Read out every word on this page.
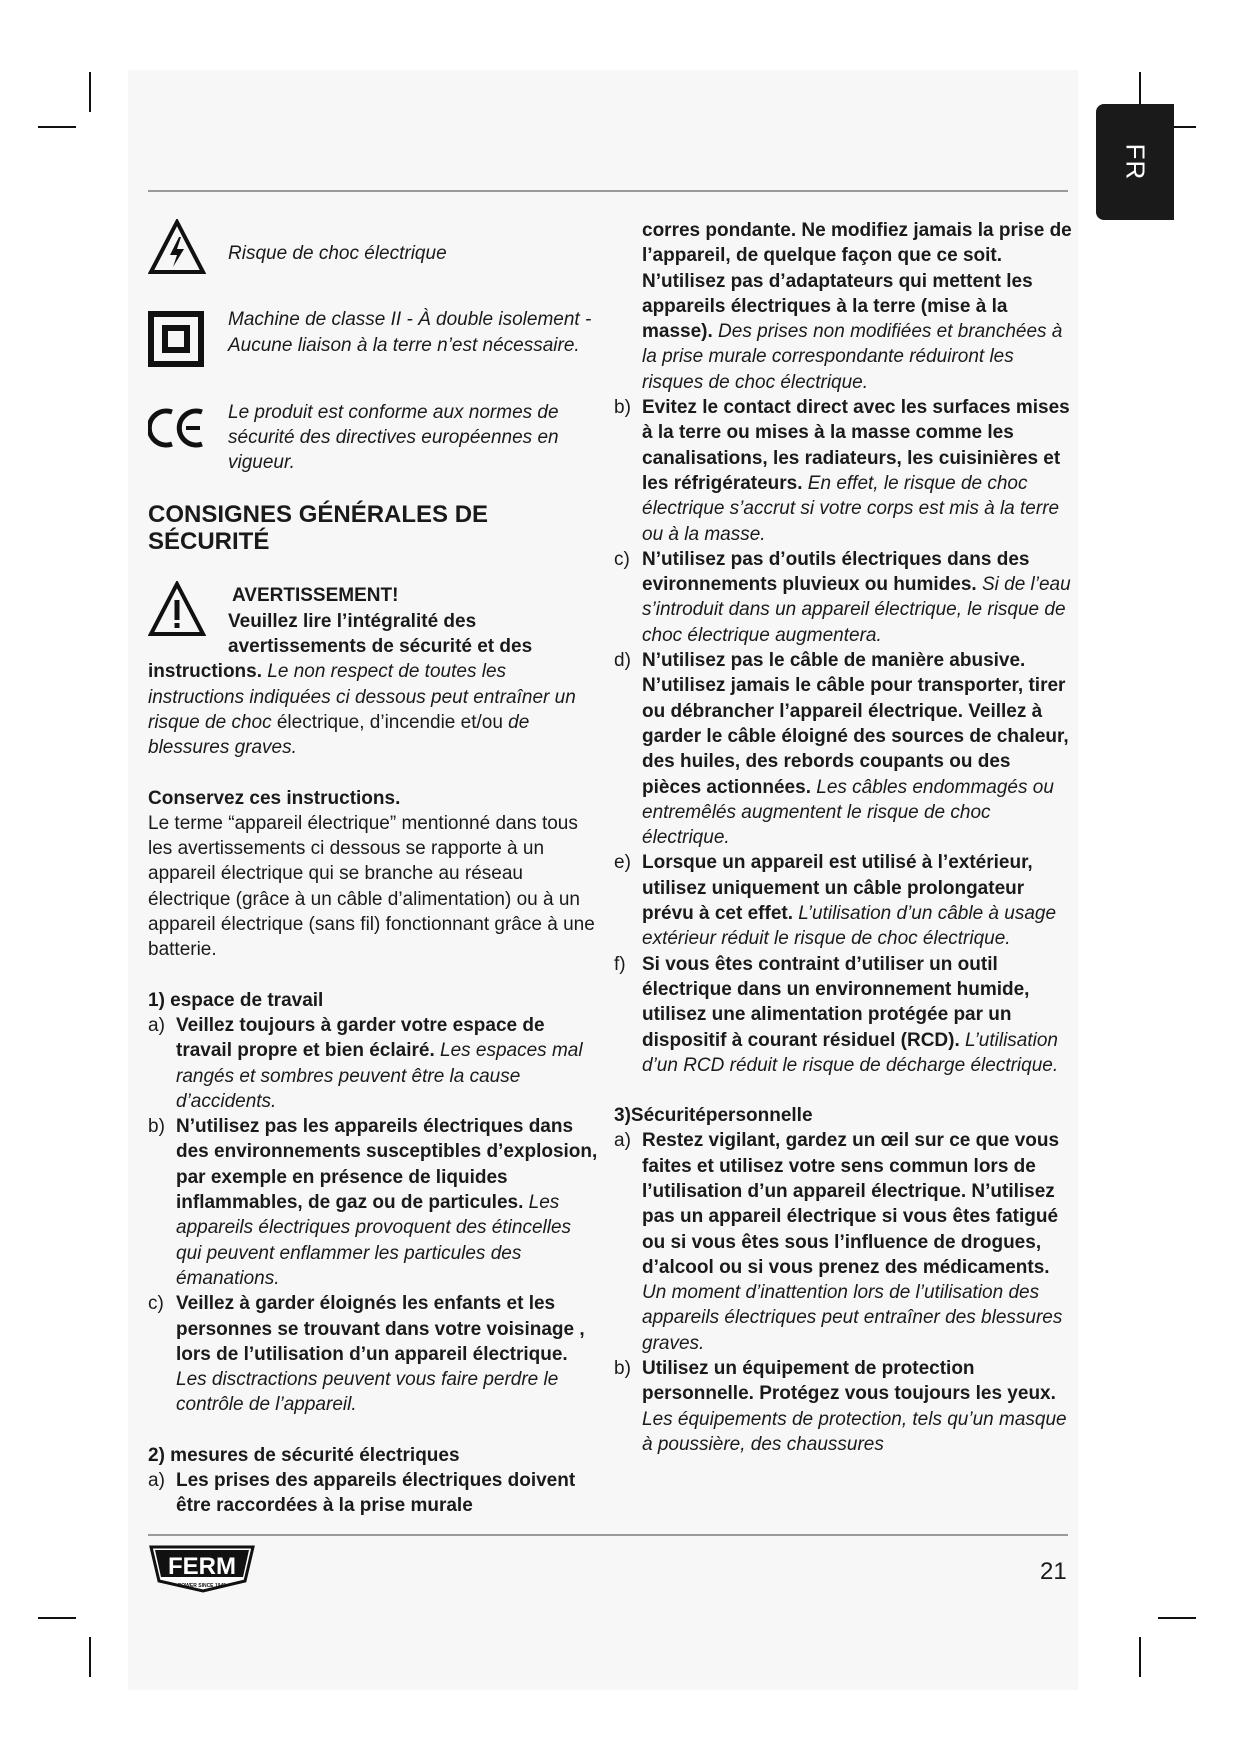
FR

Risque de choc électrique

Machine de classe II - À double isolement - Aucune liaison à la terre n’est nécessaire.

Le produit est conforme aux normes de sécurité des directives européennes en vigueur.

CONSIGNES GÉNÉRALES DE SÉCURITÉ

AVERTISSEMENT!

Veuillez lire l’intégralité des avertissements de sécurité et des instructions. Le non respect de toutes les instructions indiquées ci dessous peut entraîner un risque de choc électrique, d’incendie et/ou de blessures graves.

Conservez ces instructions.

Le terme “appareil électrique” mentionné dans tous les avertissements ci dessous se rapporte à un appareil électrique qui se branche au réseau électrique (grâce à un câble d’alimentation) ou à un appareil électrique (sans fil) fonctionnant grâce à une batterie.

1) espace de travail

a) Veillez toujours à garder votre espace de travail propre et bien éclairé. Les espaces mal rangés et sombres peuvent être la cause d’accidents.

b) N’utilisez pas les appareils électriques dans des environnements susceptibles d’explosion, par exemple en présence de liquides inflammables, de gaz ou de particules. Les appareils électriques provoquent des étincelles qui peuvent enflammer les particules des émanations.

c) Veillez à garder éloignés les enfants et les personnes se trouvant dans votre voisinage , lors de l’utilisation d’un appareil électrique. Les disctractions peuvent vous faire perdre le contrôle de l’appareil.

2) mesures de sécurité électriques

a) Les prises des appareils électriques doivent être raccordées à la prise murale

corres pondante. Ne modifiez jamais la prise de l’appareil, de quelque façon que ce soit. N’utilisez pas d’adaptateurs qui mettent les appareils électriques à la terre (mise à la masse). Des prises non modifiées et branchées à la prise murale correspondante réduiront les risques de choc électrique.

b) Evitez le contact direct avec les surfaces mises à la terre ou mises à la masse comme les canalisations, les radiateurs, les cuisinières et les réfrigérateurs. En effet, le risque de choc électrique s’accrut si votre corps est mis à la terre ou à la masse.

c) N’utilisez pas d’outils électriques dans des evironnements pluvieux ou humides. Si de l’eau s’introduit dans un appareil électrique, le risque de choc électrique augmentera.

d) N’utilisez pas le câble de manière abusive. N’utilisez jamais le câble pour transporter, tirer ou débrancher l’appareil électrique. Veillez à garder le câble éloigné des sources de chaleur, des huiles, des rebords coupants ou des pièces actionnées. Les câbles endommagés ou entremêlés augmentent le risque de choc électrique.

e) Lorsque un appareil est utilisé à l’extérieur, utilisez uniquement un câble prolongateur prévu à cet effet. L’utilisation d’un câble à usage extérieur réduit le risque de choc électrique.

f) Si vous êtes contraint d’utiliser un outil électrique dans un environnement humide, utilisez une alimentation protégée par un dispositif à courant résiduel (RCD). L’utilisation d’un RCD réduit le risque de décharge électrique.

3)Sécuritépersonnelle

a) Restez vigilant, gardez un œil sur ce que vous faites et utilisez votre sens commun lors de l’utilisation d’un appareil électrique. N’utilisez pas un appareil électrique si vous êtes fatigué ou si vous êtes sous l’influence de drogues, d’alcool ou si vous prenez des médicaments. Un moment d’inattention lors de l’utilisation des appareils électriques peut entraîner des blessures graves.

b) Utilisez un équipement de protection personnelle. Protégez vous toujours les yeux. Les équipements de protection, tels qu’un masque à poussière, des chaussures

FERM
POWER SINCE 1945
21
